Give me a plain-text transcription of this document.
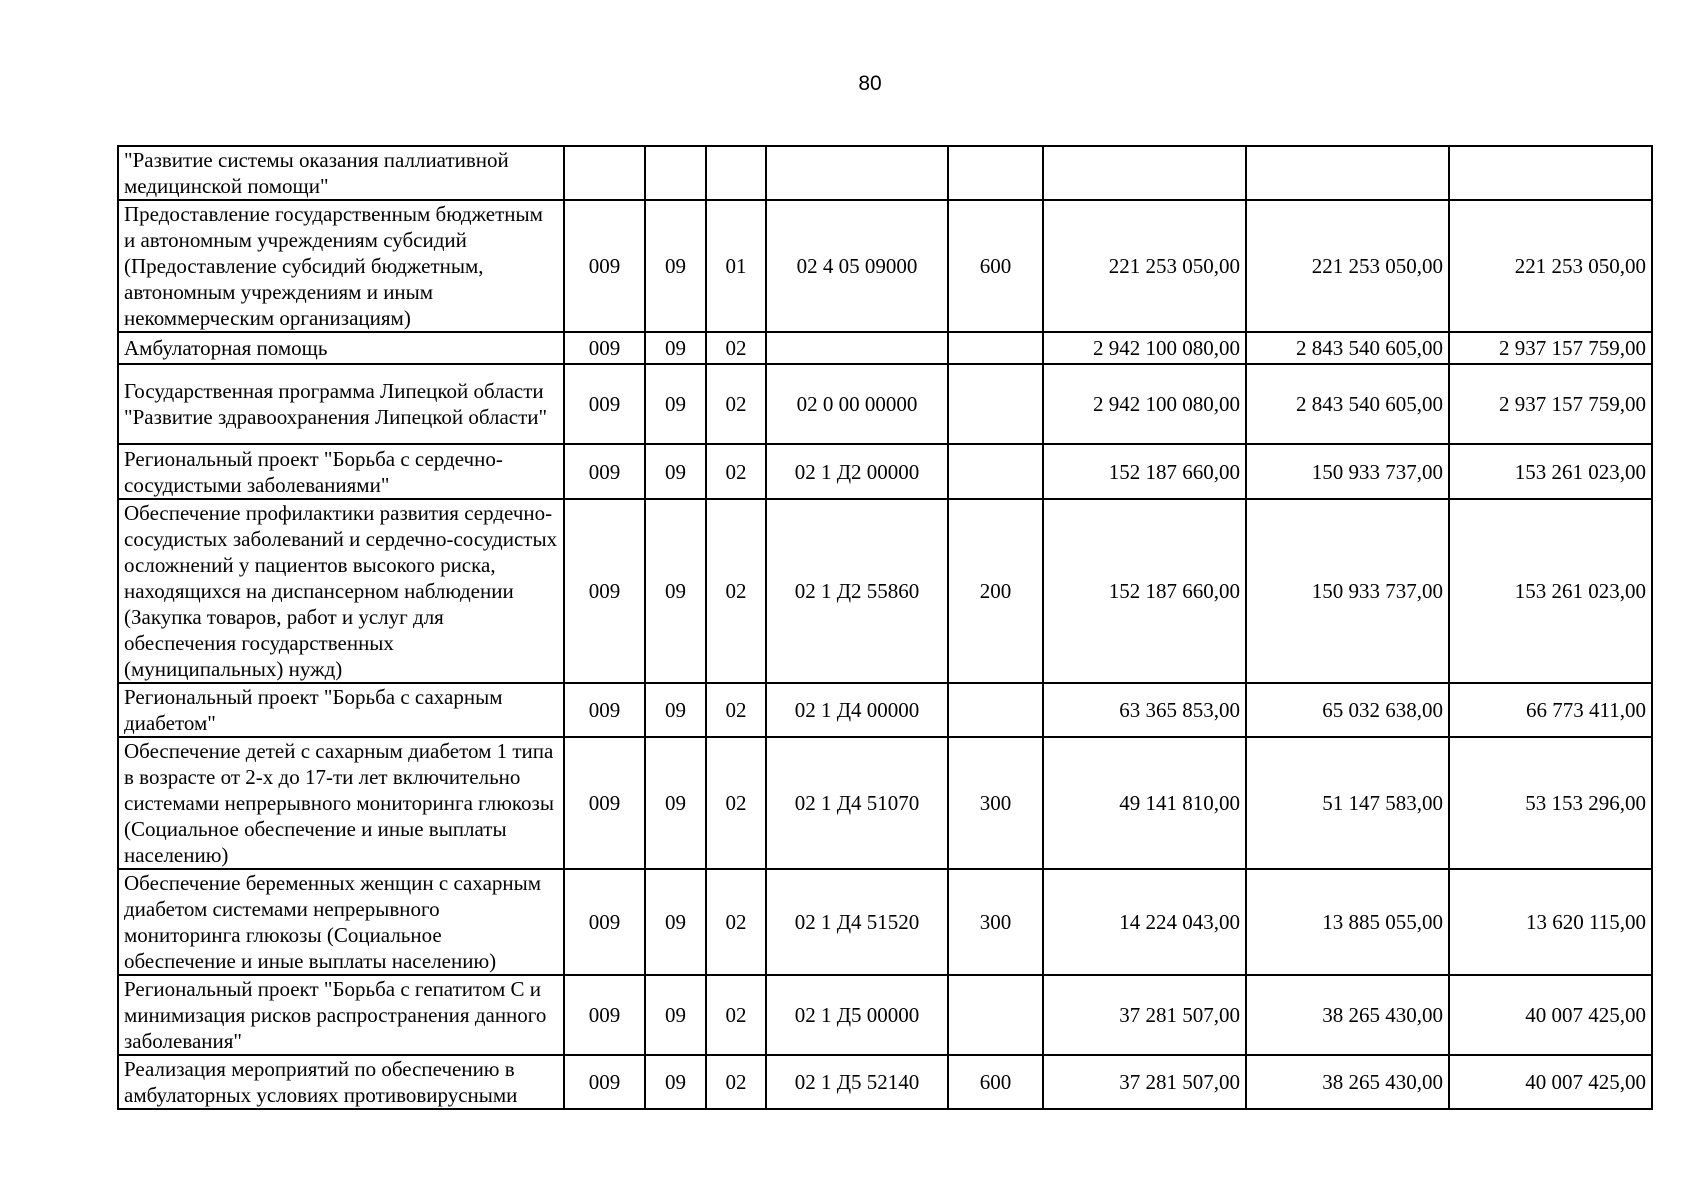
80
"Развитие системы оказания паллиативной медицинской помощи"								
Предоставление государственным бюджетным и автономным учреждениям субсидий (Предоставление субсидий бюджетным, автономным учреждениям и иным некоммерческим организациям)	009	09	01	02 4 05 09000	600	221 253 050,00	221 253 050,00	221 253 050,00
Амбулаторная помощь	009	09	02			2 942 100 080,00	2 843 540 605,00	2 937 157 759,00
Государственная программа Липецкой области "Развитие здравоохранения Липецкой области"	009	09	02	02 0 00 00000		2 942 100 080,00	2 843 540 605,00	2 937 157 759,00
Региональный проект "Борьба с сердечно-сосудистыми заболеваниями"	009	09	02	02 1 Д2 00000		152 187 660,00	150 933 737,00	153 261 023,00
Обеспечение профилактики развития сердечно-сосудистых заболеваний и сердечно-сосудистых осложнений у пациентов высокого риска, находящихся на диспансерном наблюдении (Закупка товаров, работ и услуг для обеспечения государственных (муниципальных) нужд)	009	09	02	02 1 Д2 55860	200	152 187 660,00	150 933 737,00	153 261 023,00
Региональный проект "Борьба с сахарным диабетом"	009	09	02	02 1 Д4 00000		63 365 853,00	65 032 638,00	66 773 411,00
Обеспечение детей с сахарным диабетом 1 типа в возрасте от 2-х до 17-ти лет включительно системами непрерывного мониторинга глюкозы (Социальное обеспечение и иные выплаты населению)	009	09	02	02 1 Д4 51070	300	49 141 810,00	51 147 583,00	53 153 296,00
Обеспечение беременных женщин с сахарным диабетом системами непрерывного мониторинга глюкозы (Социальное обеспечение и иные выплаты населению)	009	09	02	02 1 Д4 51520	300	14 224 043,00	13 885 055,00	13 620 115,00
Региональный проект "Борьба с гепатитом С и минимизация рисков распространения данного заболевания"	009	09	02	02 1 Д5 00000		37 281 507,00	38 265 430,00	40 007 425,00
Реализация мероприятий по обеспечению в амбулаторных условиях противовирусными	009	09	02	02 1 Д5 52140	600	37 281 507,00	38 265 430,00	40 007 425,00
